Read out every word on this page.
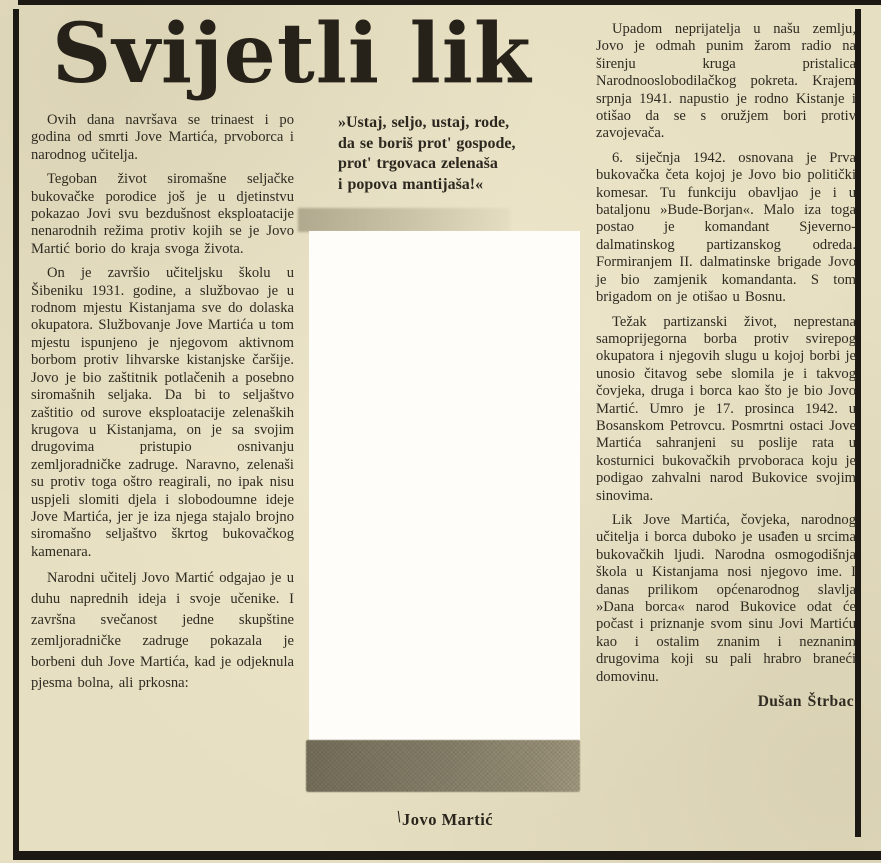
Svijetli lik

Ovih dana navršava se trinaest i po godina od smrti Jove Martića, prvoborca i narodnog učitelja.

Tegoban život siromašne seljačke bukovačke porodice još je u djetinstvu pokazao Jovi svu bezdušnost eksploatacije nenarodnih režima protiv kojih se je Jovo Martić borio do kraja svoga života.

On je završio učiteljsku školu u Šibeniku 1931. godine, a službovao je u rodnom mjestu Kistanjama sve do dolaska okupatora. Službovanje Jove Martića u tom mjestu ispunjeno je njegovom aktivnom borbom protiv lihvarske kistanjske čaršije. Jovo je bio zaštitnik potlačenih a posebno siromašnih seljaka. Da bi to seljaštvo zaštitio od surove eksploatacije zelenaških krugova u Kistanjama, on je sa svojim drugovima pristupio osnivanju zemljoradničke zadruge. Naravno, zelenaši su protiv toga oštro reagirali, no ipak nisu uspjeli slomiti djela i slobodoumne ideje Jove Martića, jer je iza njega stajalo brojno siromašno seljaštvo škrtog bukovačkog kamenara.

Narodni učitelj Jovo Martić odgajao je u duhu naprednih ideja i svoje učenike. I završna svečanost jedne skupštine zemljoradničke zadruge pokazala je borbeni duh Jove Martića, kad je odjeknula pjesma bolna, ali prkosna:

»Ustaj, seljo, ustaj, rode,
da se boriš prot' gospode,
prot' trgovaca zelenaša
i popova mantijaša!«
\Jovo Martić

Upadom neprijatelja u našu zemlju, Jovo je odmah punim žarom radio na širenju kruga pristalica Narodnooslobodilačkog pokreta. Krajem srpnja 1941. napustio je rodno Kistanje i otišao da se s oružjem bori protiv zavojevača.

6. siječnja 1942. osnovana je Prva bukovačka četa kojoj je Jovo bio politički komesar. Tu funkciju obavljao je i u bataljonu »Bude-Borjan«. Malo iza toga postao je komandant Sjeverno-dalmatinskog partizanskog odreda. Formiranjem II. dalmatinske brigade Jovo je bio zamjenik komandanta. S tom brigadom on je otišao u Bosnu.

Težak partizanski život, neprestana samoprijegorna borba protiv svirepog okupatora i njegovih slugu u kojoj borbi je unosio čitavog sebe slomila je i takvog čovjeka, druga i borca kao što je bio Jovo Martić. Umro je 17. prosinca 1942. u Bosanskom Petrovcu. Posmrtni ostaci Jove Martića sahranjeni su poslije rata u kosturnici bukovačkih prvoboraca koju je podigao zahvalni narod Bukovice svojim sinovima.

Lik Jove Martića, čovjeka, narodnog učitelja i borca duboko je usađen u srcima bukovačkih ljudi. Narodna osmogodišnja škola u Kistanjama nosi njegovo ime. I danas prilikom općenarodnog slavlja »Dana borca« narod Bukovice odat će počast i priznanje svom sinu Jovi Martiću kao i ostalim znanim i neznanim drugovima koji su pali hrabro braneći domovinu.

Dušan Štrbac
